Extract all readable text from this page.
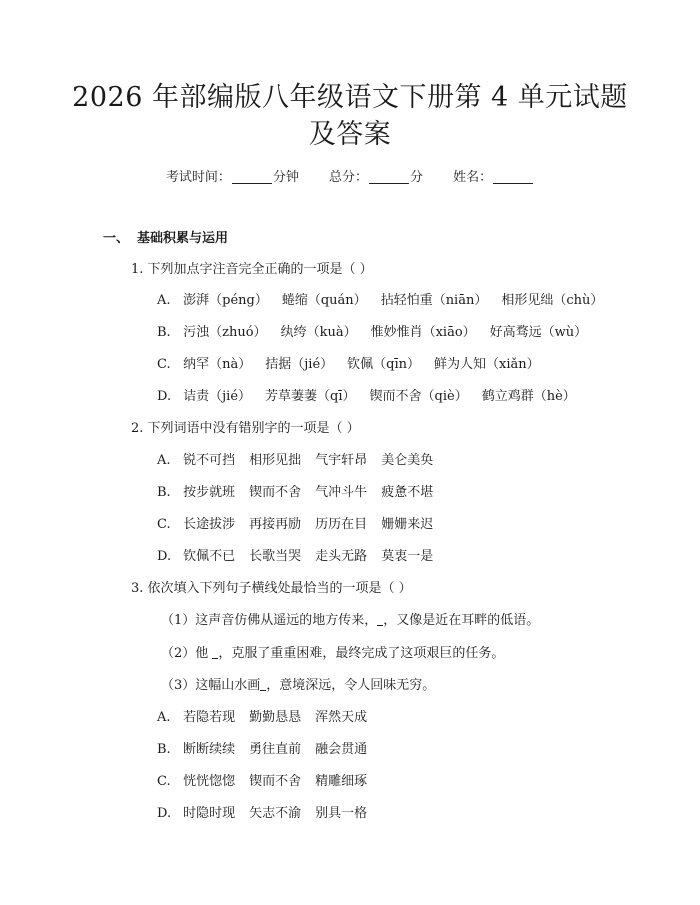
2026 年部编版八年级语文下册第 4 单元试题
及答案
考试时间：	分钟 总分：	分 姓名：
一、 基础积累与运用
1. 下列加点字注音完全正确的一项是（ ）
A. 澎湃（péng） 蜷缩（quán） 拈轻怕重（niān） 相形见绌（chù）
B. 污浊（zhuó） 纨绔（kuà） 惟妙惟肖（xiāo） 好高骛远（wù）
C. 纳罕（nà） 拮据（jié） 钦佩（qīn） 鲜为人知（xiǎn）
D. 诘责（jié） 芳草萋萋（qī） 锲而不舍（qiè） 鹤立鸡群（hè）
2. 下列词语中没有错别字的一项是（ ）
A. 锐不可挡 相形见拙 气宇轩昂 美仑美奂
B. 按步就班 锲而不舍 气冲斗牛 疲惫不堪
C. 长途拔涉 再接再励 历历在目 姗姗来迟
D. 钦佩不已 长歌当哭 走头无路 莫衷一是
3. 依次填入下列句子横线处最恰当的一项是（ ）
（1）这声音仿佛从遥远的地方传来， ，又像是近在耳畔的低语。
（2）他 ，克服了重重困难，最终完成了这项艰巨的任务。
（3）这幅山水画 ，意境深远，令人回味无穷。
A. 若隐若现 勤勤恳恳 浑然天成
B. 断断续续 勇往直前 融会贯通
C. 恍恍惚惚 锲而不舍 精雕细琢
D. 时隐时现 矢志不渝 别具一格
